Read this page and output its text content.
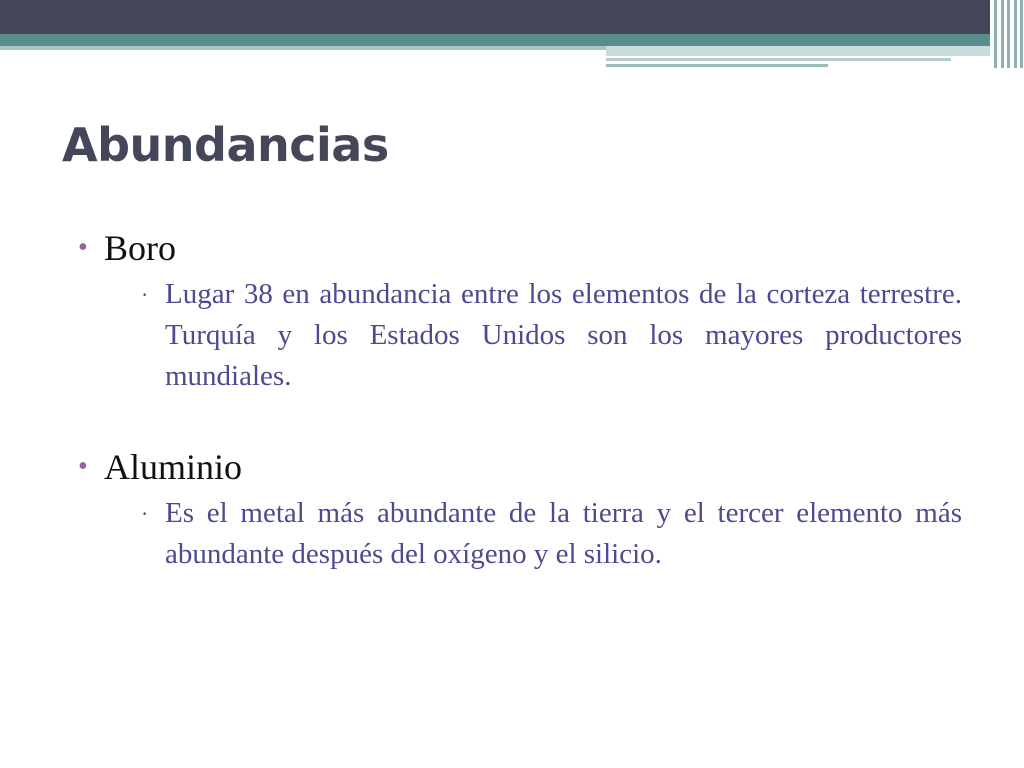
Abundancias
• Boro
· Lugar 38 en abundancia entre los elementos de la corteza terrestre. Turquía y los Estados Unidos son los mayores productores mundiales.
• Aluminio
· Es el metal más abundante de la tierra y el tercer elemento más abundante después del oxígeno y el silicio.
